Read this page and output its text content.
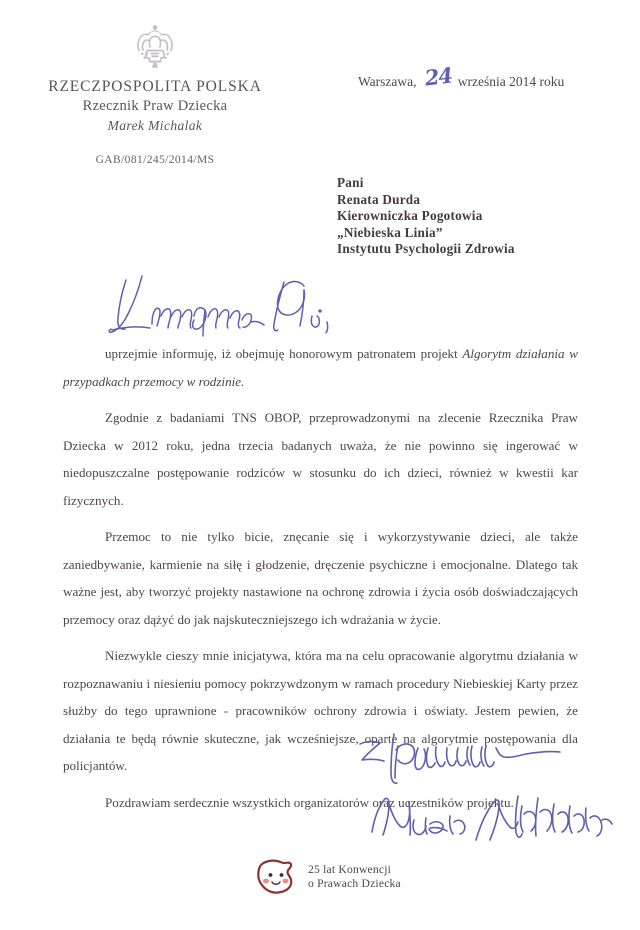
RZECZPOSPOLITA POLSKA
Rzecznik Praw Dziecka
Marek Michalak
GAB/081/245/2014/MS
Warszawa, 24 września 2014 roku
Pani
Renata Durda
Kierowniczka Pogotowia
„Niebieska Linia”
Instytutu Psychologii Zdrowia

uprzejmie informuję, iż obejmuję honorowym patronatem projekt Algorytm działania w przypadkach przemocy w rodzinie.

Zgodnie z badaniami TNS OBOP, przeprowadzonymi na zlecenie Rzecznika Praw Dziecka w 2012 roku, jedna trzecia badanych uważa, że nie powinno się ingerować w niedopuszczalne postępowanie rodziców w stosunku do ich dzieci, również w kwestii kar fizycznych.

Przemoc to nie tylko bicie, znęcanie się i wykorzystywanie dzieci, ale także zaniedbywanie, karmienie na siłę i głodzenie, dręczenie psychiczne i emocjonalne. Dlatego tak ważne jest, aby tworzyć projekty nastawione na ochronę zdrowia i życia osób doświadczających przemocy oraz dążyć do jak najskuteczniejszego ich wdrażania w życie.

Niezwykle cieszy mnie inicjatywa, która ma na celu opracowanie algorytmu działania w rozpoznawaniu i niesieniu pomocy pokrzywdzonym w ramach procedury Niebieskiej Karty przez służby do tego uprawnione - pracowników ochrony zdrowia i oświaty. Jestem pewien, że działania te będą równie skuteczne, jak wcześniejsze, oparte na algorytmie postępowania dla policjantów.

Pozdrawiam serdecznie wszystkich organizatorów oraz uczestników projektu.

25 lat Konwencji
o Prawach Dziecka
